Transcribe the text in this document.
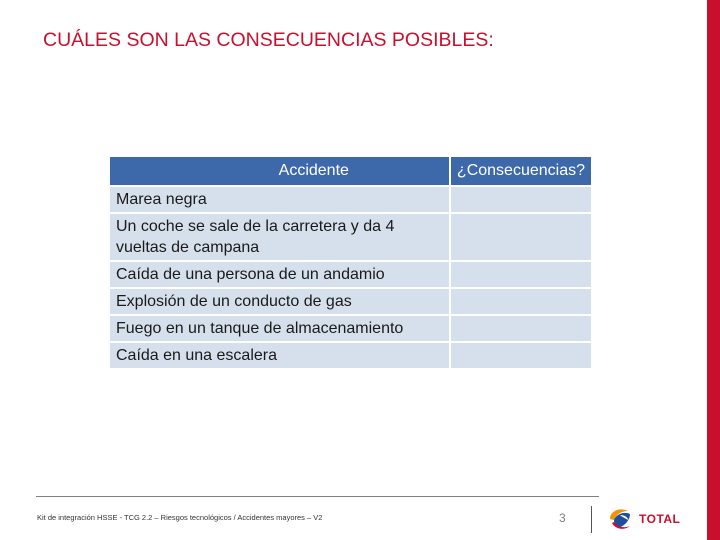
CUÁLES SON LAS CONSECUENCIAS POSIBLES:
Accidente	¿Consecuencias?
Marea negra	
Un coche se sale de la carretera y da 4 vueltas de campana	
Caída de una persona de un andamio	
Explosión de un conducto de gas	
Fuego en un tanque de almacenamiento	
Caída en una escalera	
Kit de integración HSSE - TCG 2.2 – Riesgos tecnológicos / Accidentes mayores – V2	3	TOTAL
